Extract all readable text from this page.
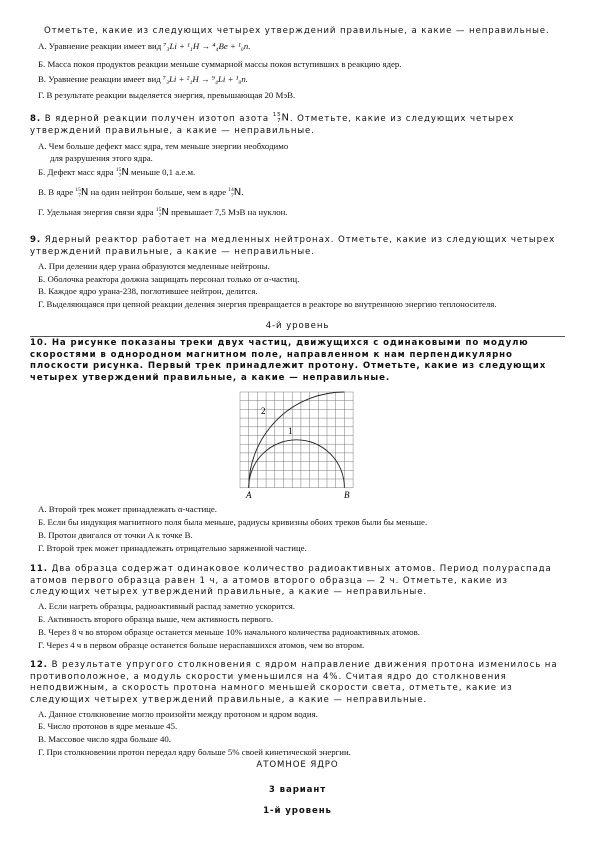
Отметьте, какие из следующих четырех утверждений правильные, а какие — неправильные.
А. Уравнение реакции имеет вид ⁷₃Li + ¹₁H → ⁴₄Be + ¹₀n.
Б. Масса покоя продуктов реакции меньше суммарной массы покоя вступивших в реакцию ядер.
В. Уравнение реакции имеет вид ⁷₃Li + ²₁H → ⁹₄Li + ¹₀n.
Г. В результате реакции выделяется энергия, превышающая 20 МэВ.
8. В ядерной реакции получен изотоп азота 15
7 N. Отметьте, какие из следующих четырех утверждений правильные, а какие — неправильные.
А. Чем больше дефект масс ядра, тем меньше энергии необходимо
для разрушения этого ядра.
Б. Дефект масс ядра 15
7 N меньше 0,1 а.е.м.
В. В ядре 15
7 N на один нейтрон больше, чем в ядре 14
7 N.
Г. Удельная энергия связи ядра 15
7 N превышает 7,5 МэВ на нуклон.
9. Ядерный реактор работает на медленных нейтронах. Отметьте, какие из следующих четырех утверждений правильные, а какие — неправильные.
А. При делении ядер урана образуются медленные нейтроны.
Б. Оболочка реактора должна защищать персонал только от α-частиц.
В. Каждое ядро урана-238, поглотившее нейтрон, делится.
Г. Выделяющаяся при цепной реакции деления энергия превращается в реакторе во внутреннюю энергию теплоносителя.
4-й уровень
10. На рисунке показаны треки двух частиц, движущихся с одинаковыми по модулю скоростями в однородном магнитном поле, направленном к нам перпендикулярно плоскости рисунка. Первый трек принадлежит протону. Отметьте, какие из следующих четырех утверждений правильные, а какие — неправильные.
2
1
A	B
А. Второй трек может принадлежать α-частице.
Б. Если бы индукция магнитного поля была меньше, радиусы кривизны обоих треков были бы меньше.
В. Протон двигался от точки A к точке B.
Г. Второй трек может принадлежать отрицательно заряженной частице.
11. Два образца содержат одинаковое количество радиоактивных атомов. Период полураспада атомов первого образца равен 1 ч, а атомов второго образца — 2 ч. Отметьте, какие из следующих четырех утверждений правильные, а какие — неправильные.
А. Если нагреть образцы, радиоактивный распад заметно ускорится.
Б. Активность второго образца выше, чем активность первого.
В. Через 8 ч во втором образце останется меньше 10% начального количества радиоактивных атомов.
Г. Через 4 ч в первом образце останется больше нераспавшихся атомов, чем во втором.
12. В результате упругого столкновения с ядром направление движения протона изменилось на противоположное, а модуль скорости уменьшился на 4%. Считая ядро до столкновения неподвижным, а скорость протона намного меньшей скорости света, отметьте, какие из следующих четырех утверждений правильные, а какие — неправильные.
А. Данное столкновение могло произойти между протоном и ядром водия.
Б. Число протонов в ядре меньше 45.
В. Массовое число ядра больше 40.
Г. При столкновении протон передал ядру больше 5% своей кинетической энергии.
АТОМНОЕ ЯДРО
3 вариант
1-й уровень
